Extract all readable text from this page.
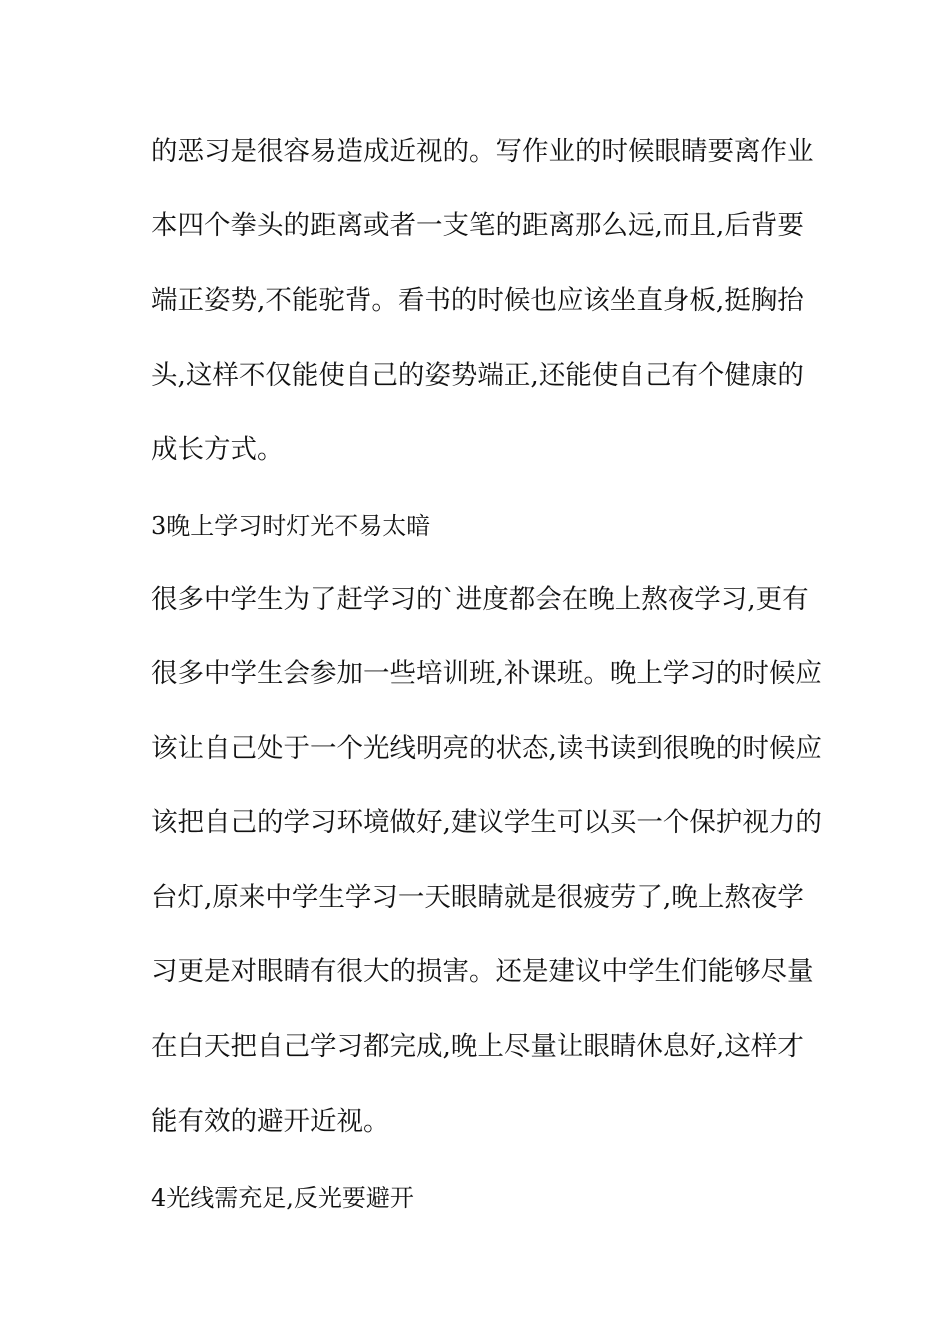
的恶习是很容易造成近视的。写作业的时候眼睛要离作业
本四个拳头的距离或者一支笔的距离那么远,而且,后背要
端正姿势,不能驼背。看书的时候也应该坐直身板,挺胸抬
头,这样不仅能使自己的姿势端正,还能使自己有个健康的
成长方式。
3晚上学习时灯光不易太暗
很多中学生为了赶学习的`进度都会在晚上熬夜学习,更有
很多中学生会参加一些培训班,补课班。晚上学习的时候应
该让自己处于一个光线明亮的状态,读书读到很晚的时候应
该把自己的学习环境做好,建议学生可以买一个保护视力的
台灯,原来中学生学习一天眼睛就是很疲劳了,晚上熬夜学
习更是对眼睛有很大的损害。还是建议中学生们能够尽量
在白天把自己学习都完成,晚上尽量让眼睛休息好,这样才
能有效的避开近视。
4光线需充足,反光要避开
